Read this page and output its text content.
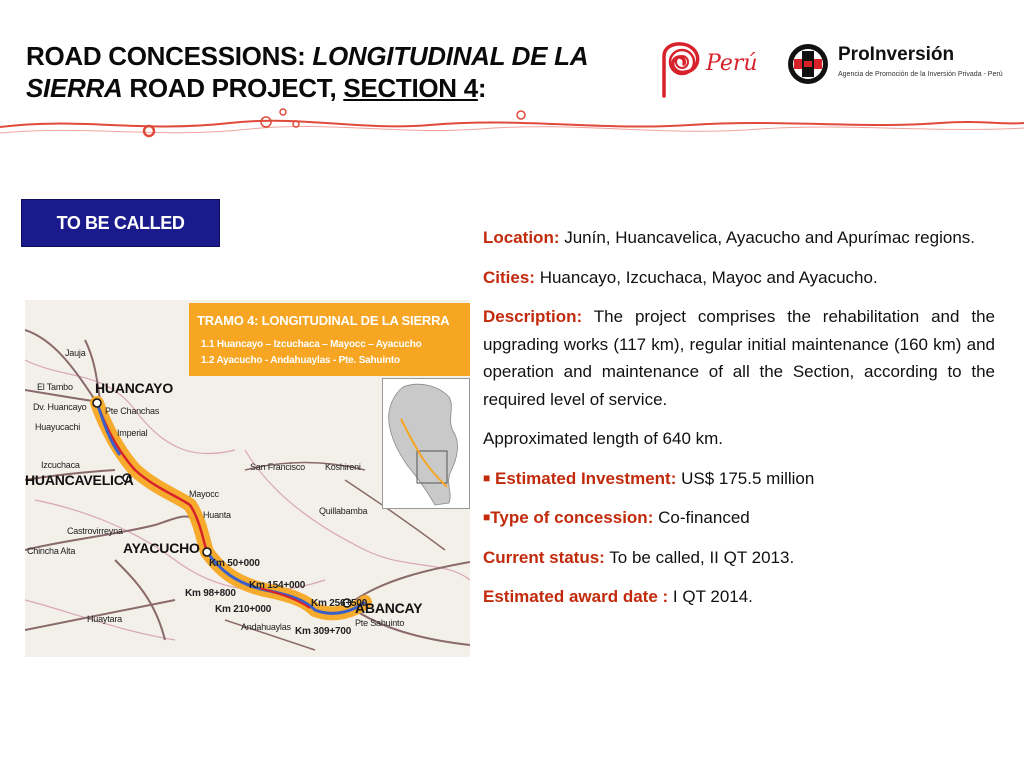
ROAD CONCESSIONS: LONGITUDINAL DE LA SIERRA ROAD PROJECT, SECTION 4:
Perú	ProInversión
Agencia de Promoción de la Inversión Privada - Perú
TO BE CALLED
TRAMO 4: LONGITUDINAL DE LA SIERRA
1.1 Huancayo – Izcuchaca – Mayocc – Ayacucho
1.2 Ayacucho - Andahuaylas - Pte. Sahuinto
Jauja
El Tambo HUANCAYO
Dv. Huancayo Pte Chanchas
Huayucachi
Imperial
Izcuchaca
HUANCAVELICA
San Francisco Koshireni
Mayocc
Huanta	Quillabamba
Castrovirreyna
Chincha Alta	AYACUCHO
Km 50+000
Km 154+000
Km 98+800
Km 210+000
Km 256+500
ABANCAY
Andahuaylas	Pte Sahuinto
Km 309+700
Huaytara

Location: Junín, Huancavelica, Ayacucho and Apurímac regions.

Cities: Huancayo, Izcuchaca, Mayoc and Ayacucho.

Description: The project comprises the rehabilitation and the upgrading works (117 km), regular initial maintenance (160 km) and operation and maintenance of all the Section, according to the required level of service.

Approximated length of 640 km.

■ Estimated Investment: US$ 175.5 million

■Type of concession: Co-financed

Current status: To be called, II QT 2013.

Estimated award date : I QT 2014.
